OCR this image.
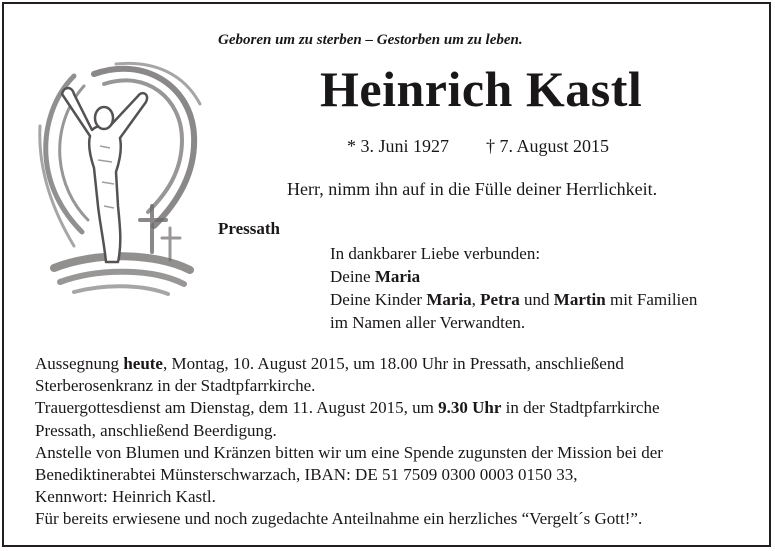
Geboren um zu sterben – Gestorben um zu leben.
Heinrich Kastl
* 3. Juni 1927 † 7. August 2015
Herr, nimm ihn auf in die Fülle deiner Herrlichkeit.
Pressath
In dankbarer Liebe verbunden:
Deine Maria
Deine Kinder Maria, Petra und Martin mit Familien
im Namen aller Verwandten.

Aussegnung heute, Montag, 10. August 2015, um 18.00 Uhr in Pressath, anschließend

Sterberosenkranz in der Stadtpfarrkirche.

Trauergottesdienst am Dienstag, dem 11. August 2015, um 9.30 Uhr in der Stadtpfarrkirche

Pressath, anschließend Beerdigung.

Anstelle von Blumen und Kränzen bitten wir um eine Spende zugunsten der Mission bei der

Benediktinerabtei Münsterschwarzach, IBAN: DE 51 7509 0300 0003 0150 33,

Kennwort: Heinrich Kastl.

Für bereits erwiesene und noch zugedachte Anteilnahme ein herzliches “Vergelt´s Gott!”.
